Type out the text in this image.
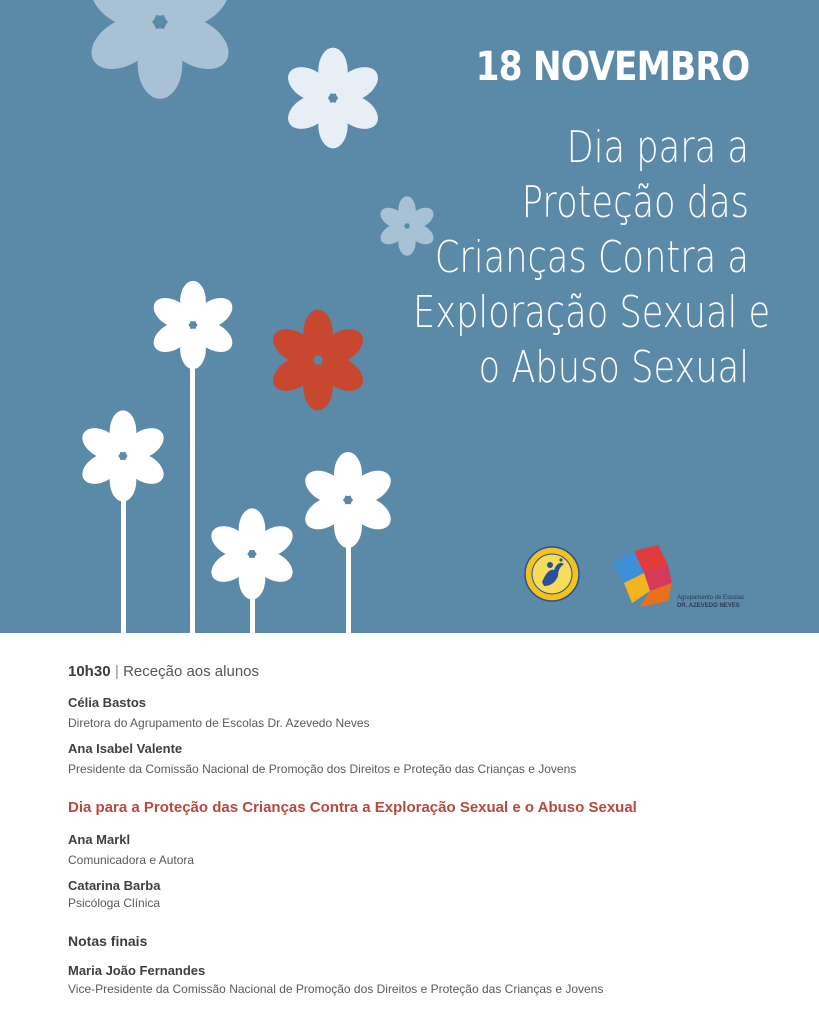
18 NOVEMBRO
Dia para a
Proteção das
Crianças Contra a
Exploração Sexual e
o Abuso Sexual
Agrupamento de Escolas
DR. AZEVEDO NEVES
10h30 | Receção aos alunos
Célia Bastos
Diretora do Agrupamento de Escolas Dr. Azevedo Neves
Ana Isabel Valente
Presidente da Comissão Nacional de Promoção dos Direitos e Proteção das Crianças e Jovens
Dia para a Proteção das Crianças Contra a Exploração Sexual e o Abuso Sexual
Ana Markl
Comunicadora e Autora
Catarina Barba
Psicóloga Clínica
Notas finais
Maria João Fernandes
Vice-Presidente da Comissão Nacional de Promoção dos Direitos e Proteção das Crianças e Jovens
